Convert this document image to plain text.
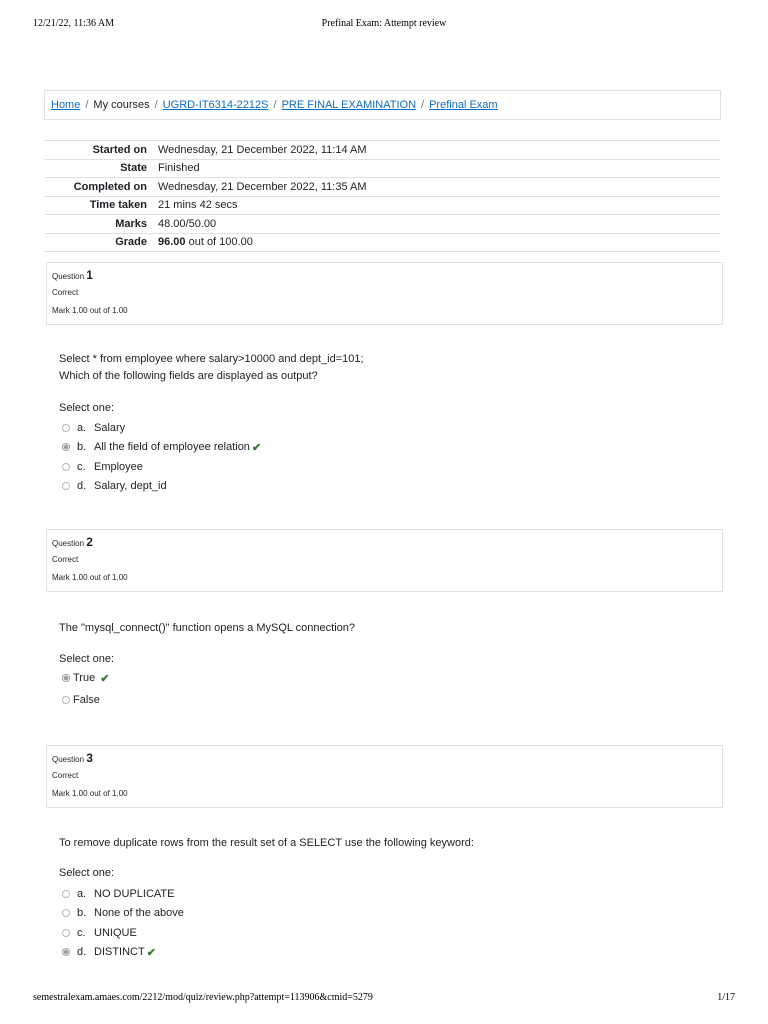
12/21/22, 11:36 AM	Prefinal Exam: Attempt review
Home / My courses / UGRD-IT6314-2212S / PRE FINAL EXAMINATION / Prefinal Exam
Started on	Wednesday, 21 December 2022, 11:14 AM
State	Finished
Completed on	Wednesday, 21 December 2022, 11:35 AM
Time taken	21 mins 42 secs
Marks	48.00/50.00
Grade	96.00 out of 100.00
Question 1
Correct
Mark 1.00 out of 1.00
Select * from employee where salary>10000 and dept_id=101;
Which of the following fields are displayed as output?
Select one:
a. Salary
b. All the field of employee relation ✔
c. Employee
d. Salary, dept_id
Question 2
Correct
Mark 1.00 out of 1.00
The "mysql_connect()" function opens a MySQL connection?
Select one:
True ✔
False
Question 3
Correct
Mark 1.00 out of 1.00
To remove duplicate rows from the result set of a SELECT use the following keyword:
Select one:
a. NO DUPLICATE
b. None of the above
c. UNIQUE
d. DISTINCT ✔
semestralexam.amaes.com/2212/mod/quiz/review.php?attempt=113906&cmid=5279	1/17
